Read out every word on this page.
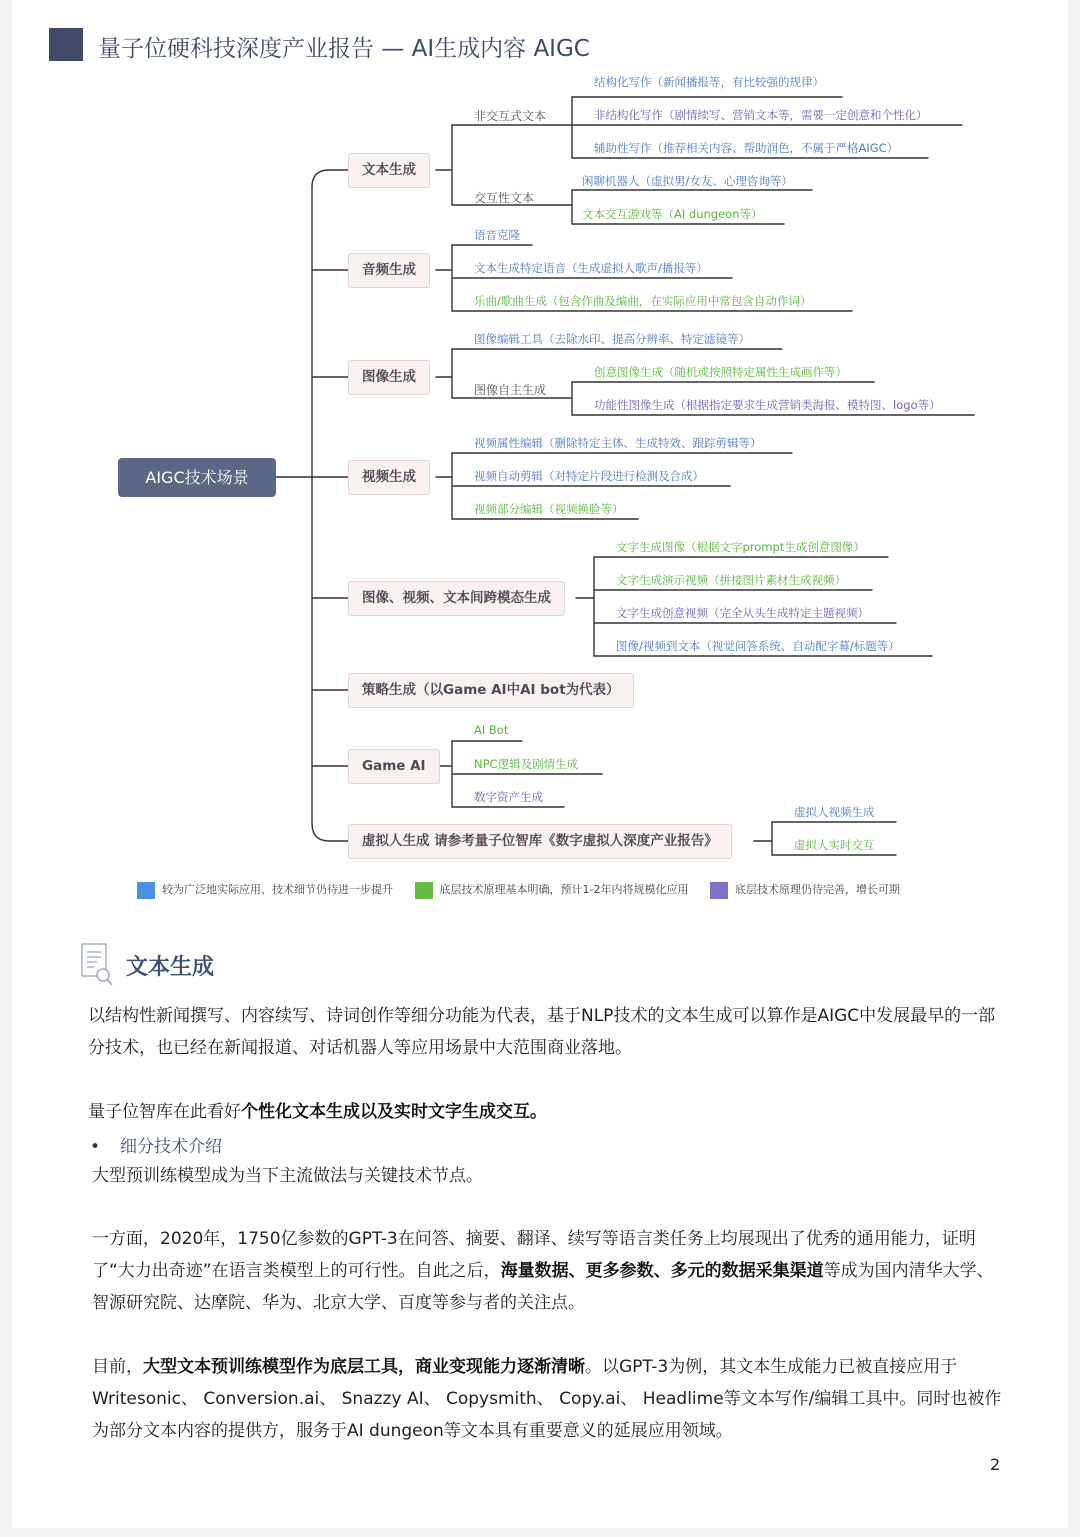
量子位硬科技深度产业报告 — AI生成内容 AIGC
AIGC技术场景
文本生成
音频生成
图像生成
视频生成
图像、视频、文本间跨模态生成
策略生成（以Game AI中AI bot为代表）
Game AI
虚拟人生成 请参考量子位智库《数字虚拟人深度产业报告》
非交互式文本
交互性文本
图像自主生成
结构化写作（新闻播报等，有比较强的规律）
非结构化写作（剧情续写、营销文本等，需要一定创意和个性化）
辅助性写作（推荐相关内容、帮助润色，不属于严格AIGC）
闲聊机器人（虚拟男/女友、心理咨询等）
文本交互游戏等（AI dungeon等）
语音克隆
文本生成特定语音（生成虚拟人歌声/播报等）
乐曲/歌曲生成（包含作曲及编曲，在实际应用中常包含自动作词）
图像编辑工具（去除水印、提高分辨率、特定滤镜等）
创意图像生成（随机或按照特定属性生成画作等）
功能性图像生成（根据指定要求生成营销类海报、模特图、logo等）
视频属性编辑（删除特定主体、生成特效、跟踪剪辑等）
视频自动剪辑（对特定片段进行检测及合成）
视频部分编辑（视频换脸等）
文字生成图像（根据文字prompt生成创意图像）
文字生成演示视频（拼接图片素材生成视频）
文字生成创意视频（完全从头生成特定主题视频）
图像/视频到文本（视觉问答系统、自动配字幕/标题等）
AI Bot
NPC逻辑及剧情生成
数字资产生成
虚拟人视频生成
虚拟人实时交互
较为广泛地实际应用、技术细节仍待进一步提升	底层技术原理基本明确，预计1-2年内将规模化应用	底层技术原理仍待完善，增长可期
文本生成
以结构性新闻撰写、内容续写、诗词创作等细分功能为代表，基于NLP技术的文本生成可以算作是AIGC中发展最早的一部分技术，也已经在新闻报道、对话机器人等应用场景中大范围商业落地。
量子位智库在此看好个性化文本生成以及实时文字生成交互。
• 细分技术介绍
大型预训练模型成为当下主流做法与关键技术节点。
一方面，2020年，1750亿参数的GPT-3在问答、摘要、翻译、续写等语言类任务上均展现出了优秀的通用能力，证明了“大力出奇迹”在语言类模型上的可行性。自此之后，海量数据、更多参数、多元的数据采集渠道等成为国内清华大学、智源研究院、达摩院、华为、北京大学、百度等参与者的关注点。
目前，大型文本预训练模型作为底层工具，商业变现能力逐渐清晰。以GPT-3为例，其文本生成能力已被直接应用于Writesonic、 Conversion.ai、 Snazzy AI、 Copysmith、 Copy.ai、 Headlime等文本写作/编辑工具中。同时也被作为部分文本内容的提供方，服务于AI dungeon等文本具有重要意义的延展应用领域。
2
